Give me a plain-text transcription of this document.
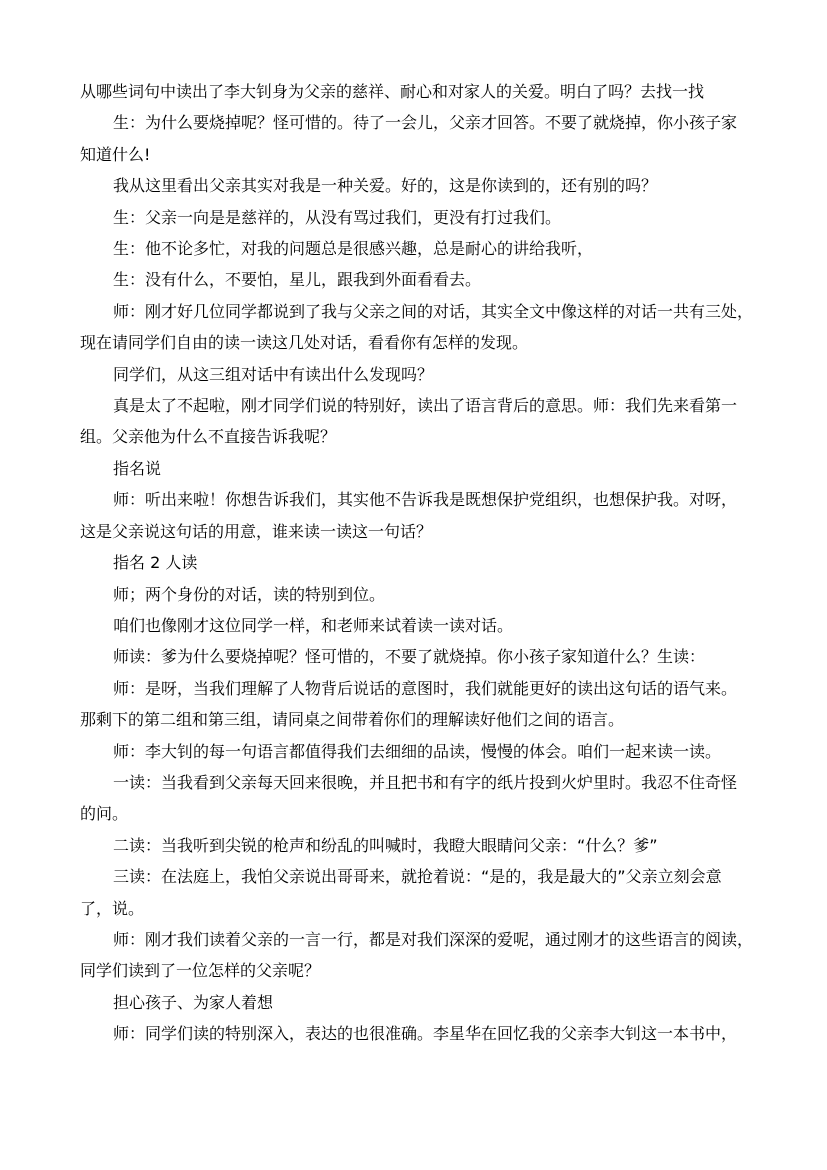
从哪些词句中读出了李大钊身为父亲的慈祥、耐心和对家人的关爱。明白了吗？去找一找

生：为什么要烧掉呢？怪可惜的。待了一会儿，父亲才回答。不要了就烧掉，你小孩子家

知道什么!

我从这里看出父亲其实对我是一种关爱。好的，这是你读到的，还有别的吗？

生：父亲一向是是慈祥的，从没有骂过我们，更没有打过我们。

生：他不论多忙，对我的问题总是很感兴趣，总是耐心的讲给我听，

生：没有什么，不要怕，星儿，跟我到外面看看去。

师：刚才好几位同学都说到了我与父亲之间的对话，其实全文中像这样的对话一共有三处，

现在请同学们自由的读一读这几处对话，看看你有怎样的发现。

同学们，从这三组对话中有读出什么发现吗？

真是太了不起啦，刚才同学们说的特别好，读出了语言背后的意思。师：我们先来看第一

组。父亲他为什么不直接告诉我呢？

指名说

师：听出来啦！你想告诉我们，其实他不告诉我是既想保护党组织，也想保护我。对呀，

这是父亲说这句话的用意，谁来读一读这一句话？

指名 2 人读

师；两个身份的对话，读的特别到位。

咱们也像刚才这位同学一样，和老师来试着读一读对话。

师读：爹为什么要烧掉呢？怪可惜的，不要了就烧掉。你小孩子家知道什么？生读：

师：是呀，当我们理解了人物背后说话的意图时，我们就能更好的读出这句话的语气来。

那剩下的第二组和第三组，请同桌之间带着你们的理解读好他们之间的语言。

师：李大钊的每一句语言都值得我们去细细的品读，慢慢的体会。咱们一起来读一读。

一读：当我看到父亲每天回来很晚，并且把书和有字的纸片投到火炉里时。我忍不住奇怪

的问。

二读：当我听到尖锐的枪声和纷乱的叫喊时，我瞪大眼睛问父亲：“什么？爹”

三读：在法庭上，我怕父亲说出哥哥来，就抢着说：“是的，我是最大的”父亲立刻会意

了，说。

师：刚才我们读着父亲的一言一行，都是对我们深深的爱呢，通过刚才的这些语言的阅读，

同学们读到了一位怎样的父亲呢？

担心孩子、为家人着想

师：同学们读的特别深入，表达的也很准确。李星华在回忆我的父亲李大钊这一本书中，
